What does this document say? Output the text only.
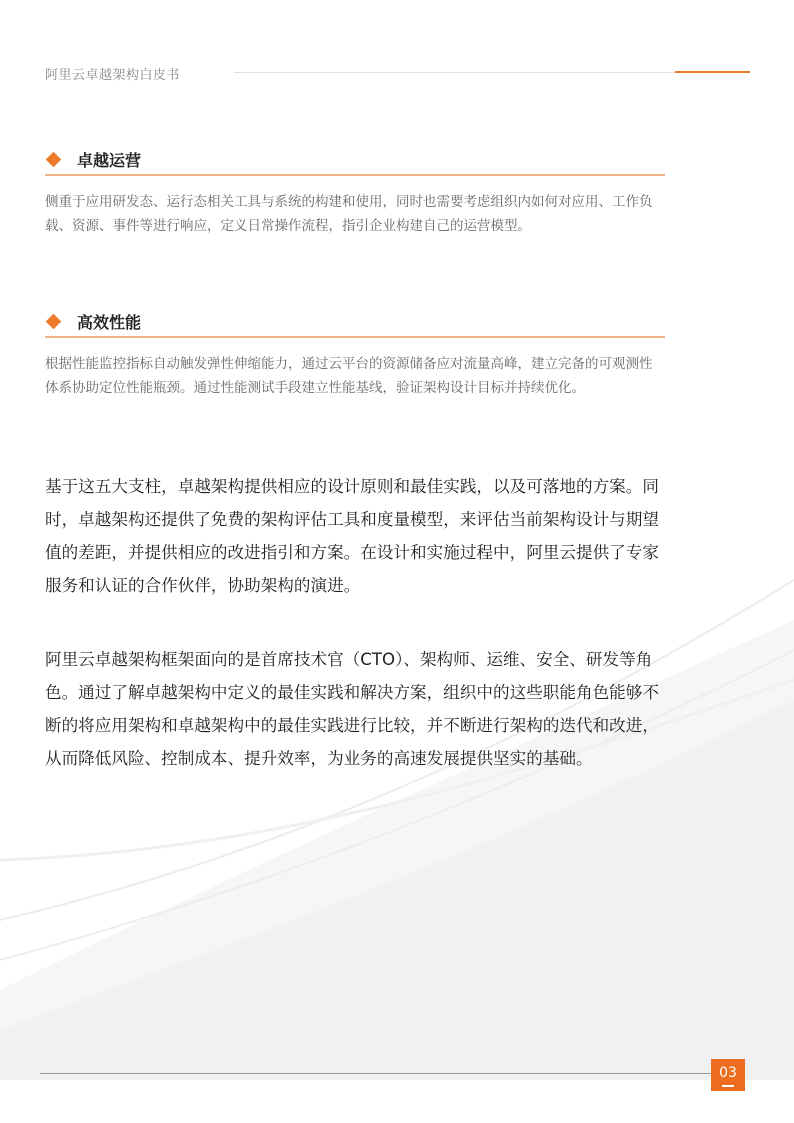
阿里云卓越架构白皮书
卓越运营
侧重于应用研发态、运行态相关工具与系统的构建和使用，同时也需要考虑组织内如何对应用、工作负载、资源、事件等进行响应，定义日常操作流程，指引企业构建自己的运营模型。
高效性能
根据性能监控指标自动触发弹性伸缩能力，通过云平台的资源储备应对流量高峰，建立完备的可观测性体系协助定位性能瓶颈。通过性能测试手段建立性能基线，验证架构设计目标并持续优化。
基于这五大支柱，卓越架构提供相应的设计原则和最佳实践，以及可落地的方案。同时，卓越架构还提供了免费的架构评估工具和度量模型，来评估当前架构设计与期望值的差距，并提供相应的改进指引和方案。在设计和实施过程中，阿里云提供了专家服务和认证的合作伙伴，协助架构的演进。
阿里云卓越架构框架面向的是首席技术官（CTO）、架构师、运维、安全、研发等角色。通过了解卓越架构中定义的最佳实践和解决方案，组织中的这些职能角色能够不断的将应用架构和卓越架构中的最佳实践进行比较，并不断进行架构的迭代和改进，从而降低风险、控制成本、提升效率，为业务的高速发展提供坚实的基础。
03
